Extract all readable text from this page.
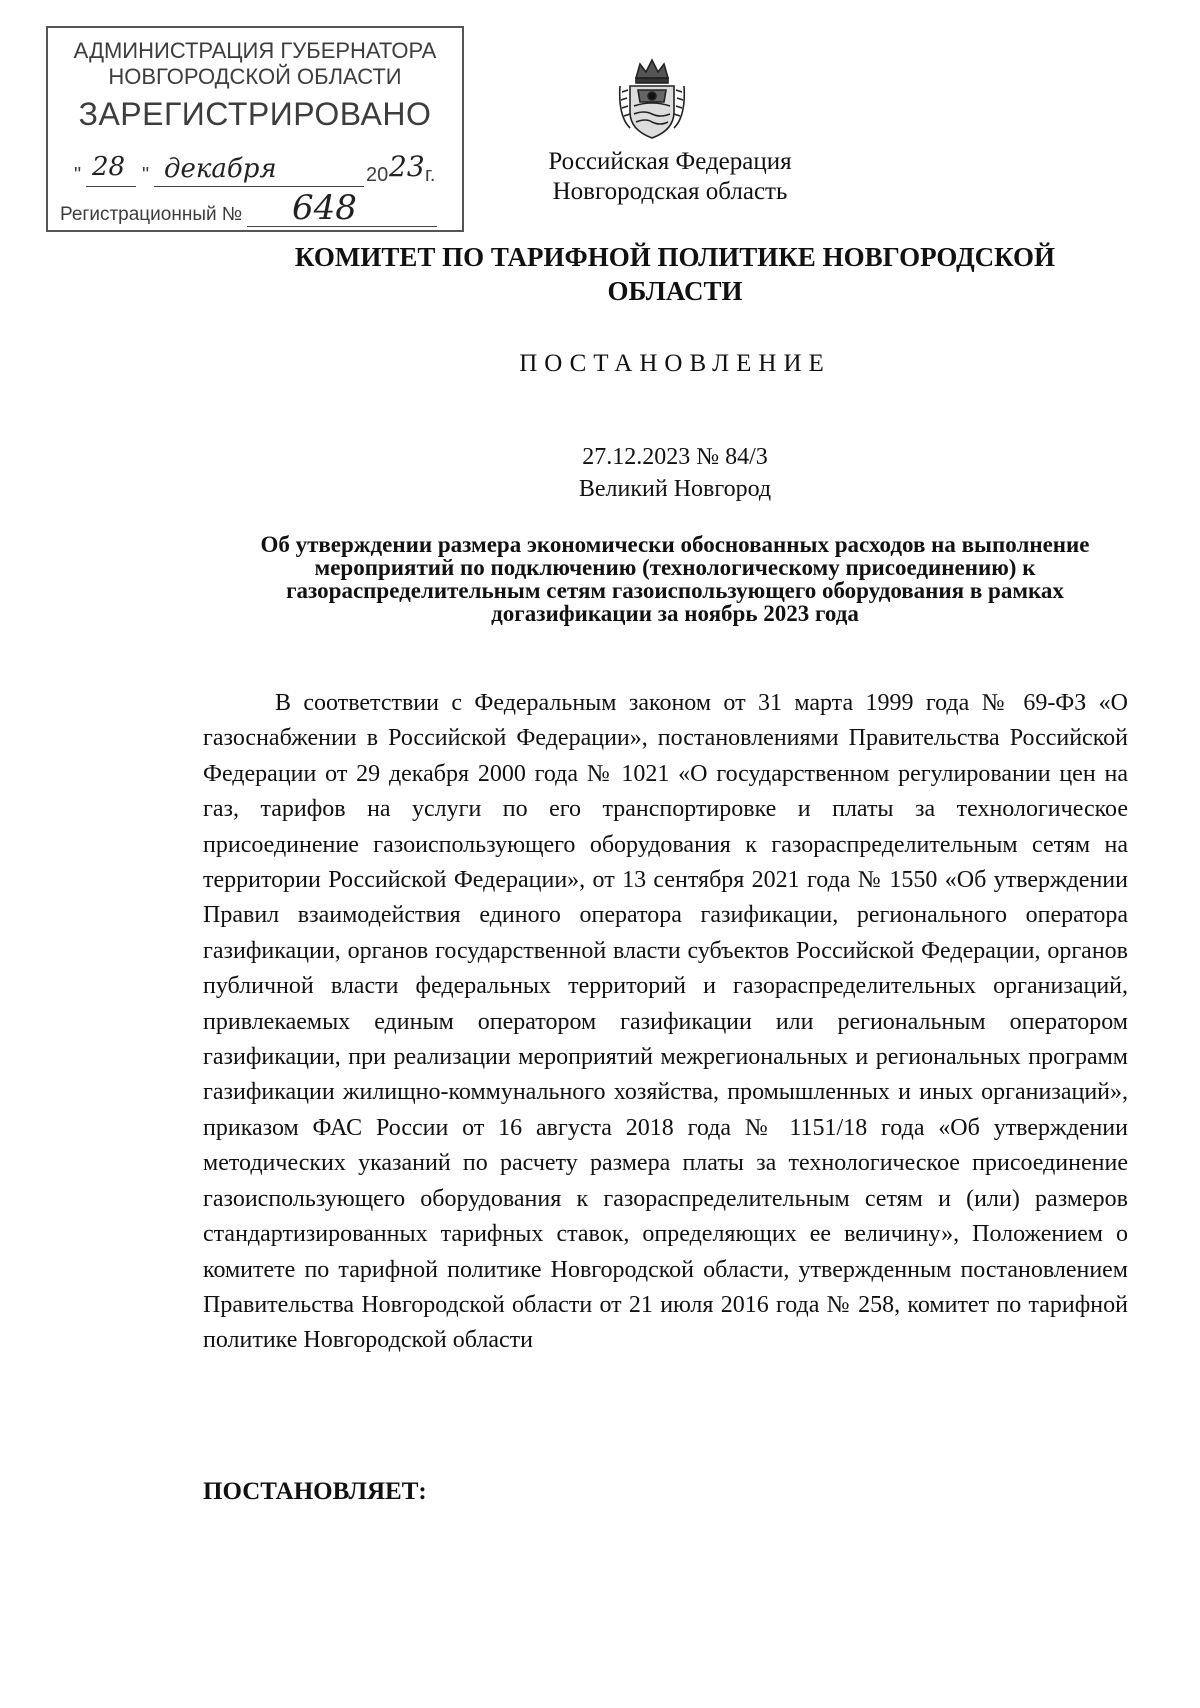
АДМИНИСТРАЦИЯ ГУБЕРНАТОРА
НОВГОРОДСКОЙ ОБЛАСТИ
ЗАРЕГИСТРИРОВАНО
" 28 " декабря	20 23 г.
Регистрационный № 648
Российская Федерация
Новгородская область
КОМИТЕТ ПО ТАРИФНОЙ ПОЛИТИКЕ НОВГОРОДСКОЙ
ОБЛАСТИ
ПОСТАНОВЛЕНИЕ
27.12.2023 № 84/3
Великий Новгород
Об утверждении размера экономически обоснованных расходов на выполнение мероприятий по подключению (технологическому присоединению) к газораспределительным сетям газоиспользующего оборудования в рамках догазификации за ноябрь 2023 года

В соответствии с Федеральным законом от 31 марта 1999 года № 69-ФЗ «О газоснабжении в Российской Федерации», постановлениями Правительства Российской Федерации от 29 декабря 2000 года № 1021 «О государственном регулировании цен на газ, тарифов на услуги по его транспортировке и платы за технологическое присоединение газоиспользующего оборудования к газораспределительным сетям на территории Российской Федерации», от 13 сентября 2021 года № 1550 «Об утверждении Правил взаимодействия единого оператора газификации, регионального оператора газификации, органов государственной власти субъектов Российской Федерации, органов публичной власти федеральных территорий и газораспределительных организаций, привлекаемых единым оператором газификации или региональным оператором газификации, при реализации мероприятий межрегиональных и региональных программ газификации жилищно-коммунального хозяйства, промышленных и иных организаций», приказом ФАС России от 16 августа 2018 года № 1151/18 года «Об утверждении методических указаний по расчету размера платы за технологическое присоединение газоиспользующего оборудования к газораспределительным сетям и (или) размеров стандартизированных тарифных ставок, определяющих ее величину», Положением о комитете по тарифной политике Новгородской области, утвержденным постановлением Правительства Новгородской области от 21 июля 2016 года № 258, комитет по тарифной политике Новгородской области

ПОСТАНОВЛЯЕТ:
